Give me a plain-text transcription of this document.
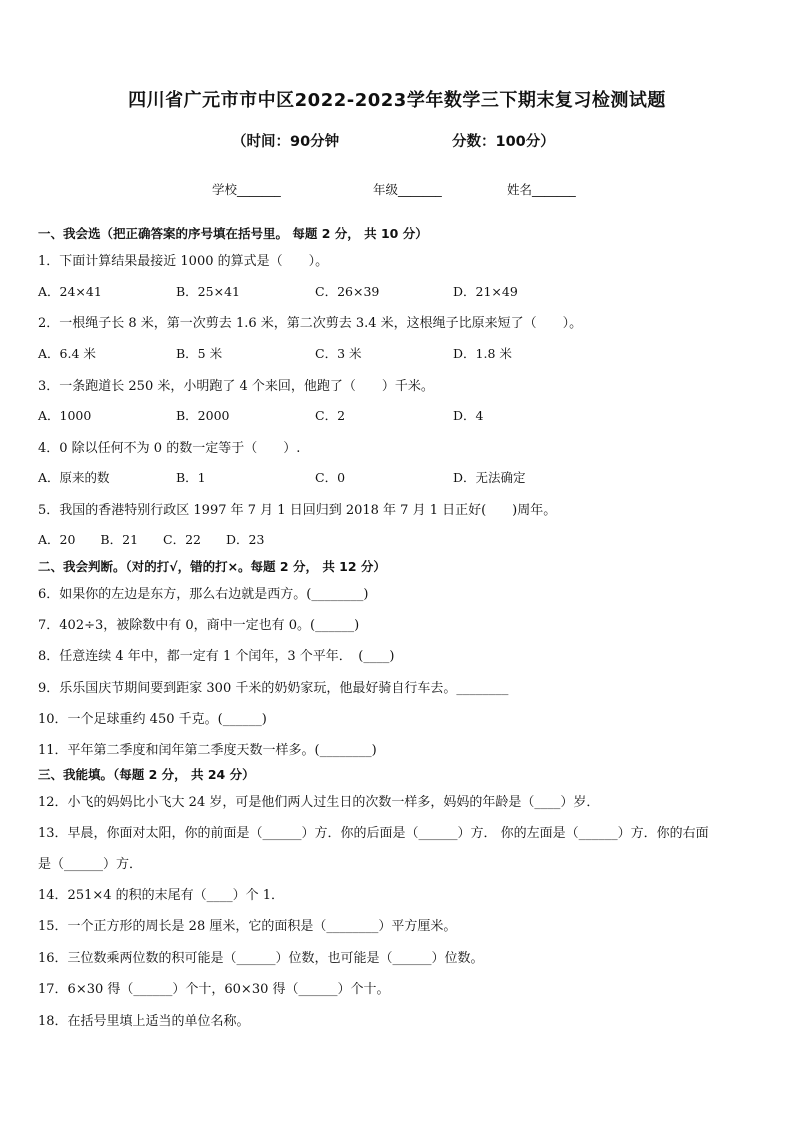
四川省广元市市中区2022-2023学年数学三下期末复习检测试题
（时间：90分钟	分数：100分）
学校_______	年级_______	姓名_______
一、我会选（把正确答案的序号填在括号里。 每题 2 分， 共 10 分）
1．下面计算结果最接近 1000 的算式是（　　）。
A．24×41	B．25×41	C．26×39	D．21×49
2．一根绳子长 8 米，第一次剪去 1.6 米，第二次剪去 3.4 米，这根绳子比原来短了（　　）。
A．6.4 米	B．5 米	C．3 米	D．1.8 米
3．一条跑道长 250 米，小明跑了 4 个来回，他跑了（　　）千米。
A．1000	B．2000	C．2	D．4
4．0 除以任何不为 0 的数一定等于（　　）.
A．原来的数	B．1	C．0	D．无法确定
5．我国的香港特别行政区 1997 年 7 月 1 日回归到 2018 年 7 月 1 日正好(　　)周年。
A．20　　B．21　　C．22　　D．23
二、我会判断。（对的打√，错的打×。每题 2 分， 共 12 分）
6．如果你的左边是东方，那么右边就是西方。(________)
7．402÷3，被除数中有 0，商中一定也有 0。(______)
8．任意连续 4 年中，都一定有 1 个闰年，3 个平年．　(____)
9．乐乐国庆节期间要到距家 300 千米的奶奶家玩，他最好骑自行车去。________
10．一个足球重约 450 千克。(______)
11．平年第二季度和闰年第二季度天数一样多。(________)
三、我能填。（每题 2 分， 共 24 分）
12．小飞的妈妈比小飞大 24 岁，可是他们两人过生日的次数一样多，妈妈的年龄是（____）岁．
13．早晨，你面对太阳，你的前面是（______）方．你的后面是（______）方． 你的左面是（______）方．你的右面
是（______）方．
14．251×4 的积的末尾有（____）个 1．
15．一个正方形的周长是 28 厘米，它的面积是（________）平方厘米。
16．三位数乘两位数的积可能是（______）位数，也可能是（______）位数。
17．6×30 得（______）个十，60×30 得（______）个十。
18．在括号里填上适当的单位名称。
